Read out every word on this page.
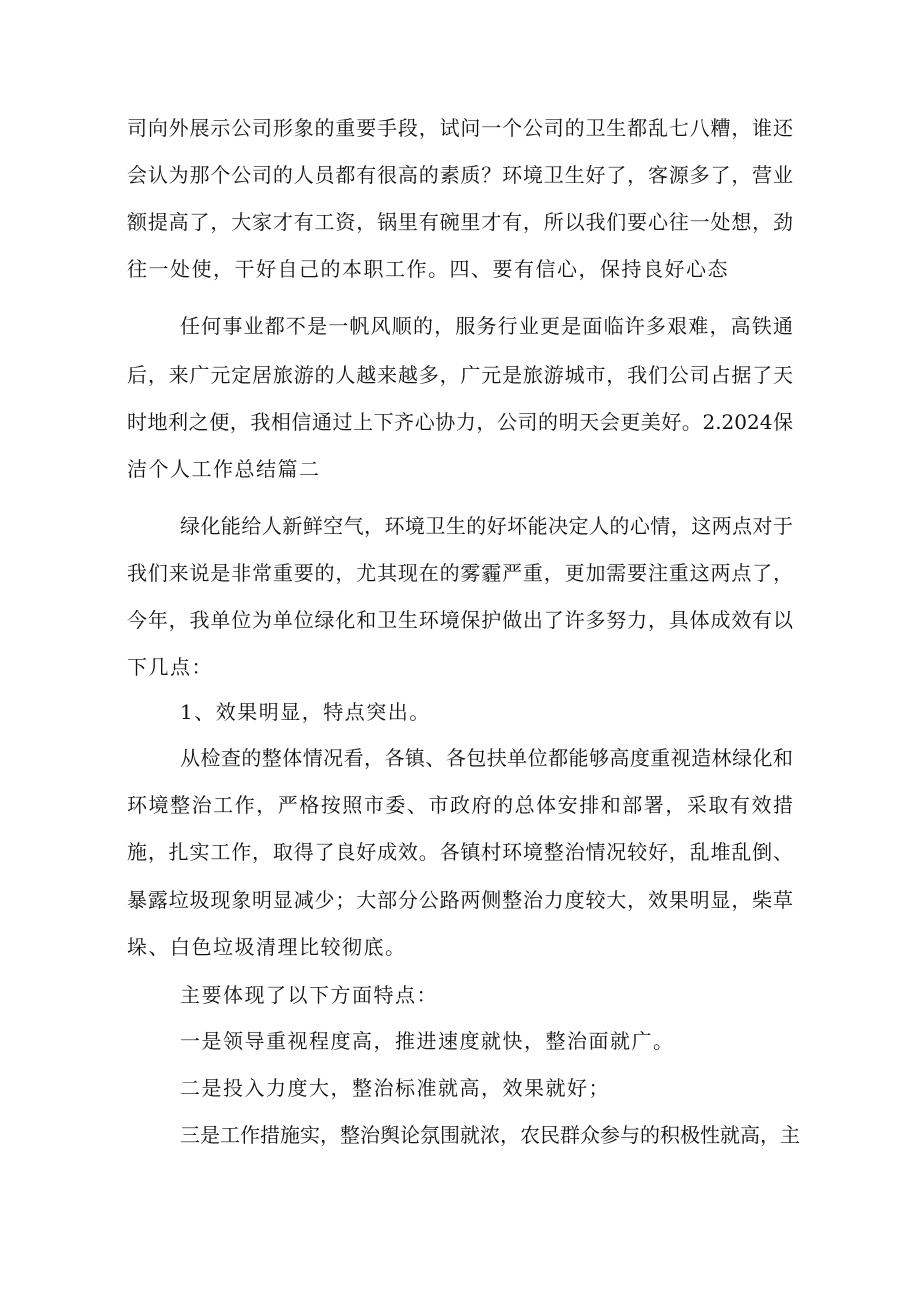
司向外展示公司形象的重要手段，试问一个公司的卫生都乱七八糟，谁还
会认为那个公司的人员都有很高的素质？环境卫生好了，客源多了，营业
额提高了，大家才有工资，锅里有碗里才有，所以我们要心往一处想，劲
往一处使，干好自己的本职工作。四、要有信心，保持良好心态
任何事业都不是一帆风顺的，服务行业更是面临许多艰难，高铁通
后，来广元定居旅游的人越来越多，广元是旅游城市，我们公司占据了天
时地利之便，我相信通过上下齐心协力，公司的明天会更美好。2.2024保
洁个人工作总结篇二
绿化能给人新鲜空气，环境卫生的好坏能决定人的心情，这两点对于
我们来说是非常重要的，尤其现在的雾霾严重，更加需要注重这两点了，
今年，我单位为单位绿化和卫生环境保护做出了许多努力，具体成效有以
下几点：
1、效果明显，特点突出。
从检查的整体情况看，各镇、各包扶单位都能够高度重视造林绿化和
环境整治工作，严格按照市委、市政府的总体安排和部署，采取有效措
施，扎实工作，取得了良好成效。各镇村环境整治情况较好，乱堆乱倒、
暴露垃圾现象明显减少；大部分公路两侧整治力度较大，效果明显，柴草
垛、白色垃圾清理比较彻底。
主要体现了以下方面特点：
一是领导重视程度高，推进速度就快，整治面就广。
二是投入力度大，整治标准就高，效果就好；
三是工作措施实，整治舆论氛围就浓，农民群众参与的积极性就高，主
